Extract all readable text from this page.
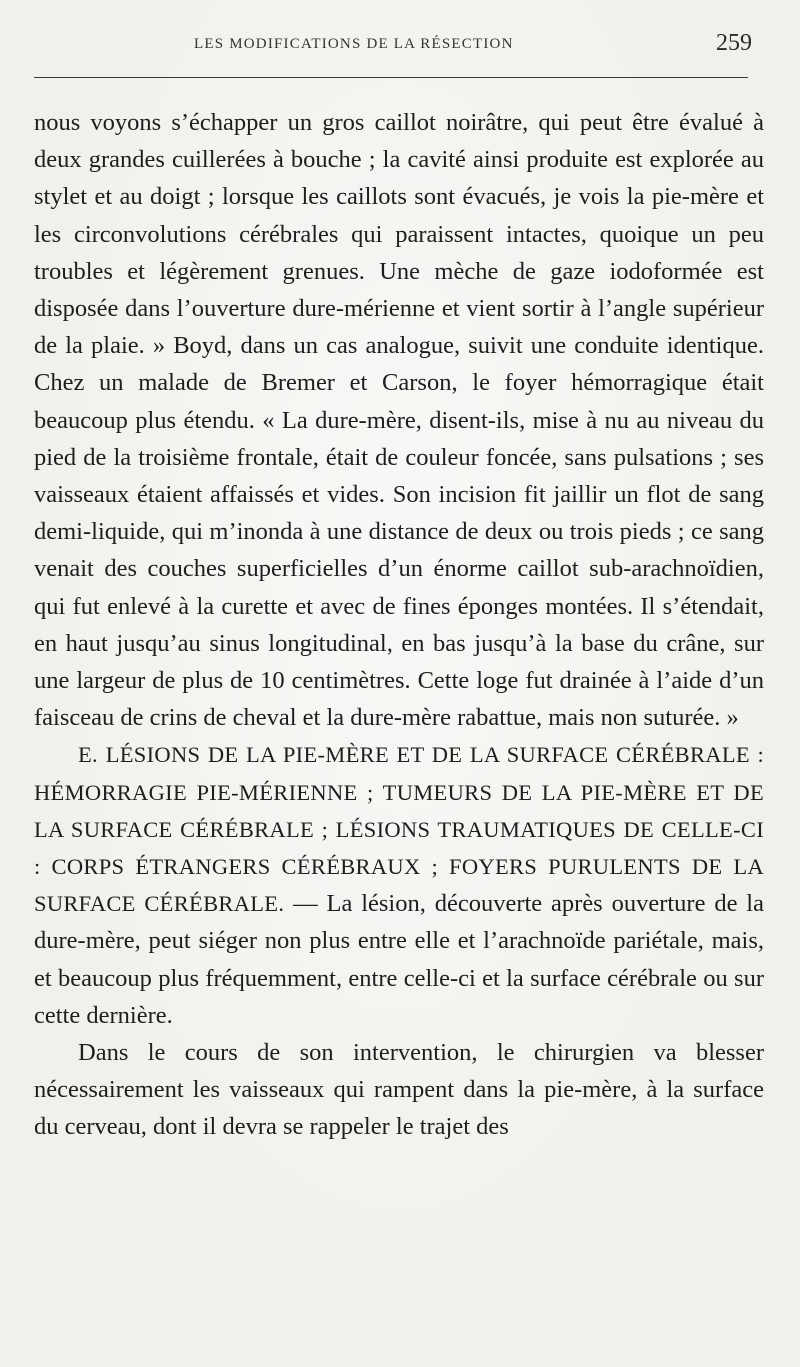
LES MODIFICATIONS DE LA RÉSECTION	259

nous voyons s’échapper un gros caillot noirâtre, qui peut être évalué à deux grandes cuillerées à bouche ; la cavité ainsi produite est explorée au stylet et au doigt ; lorsque les caillots sont évacués, je vois la pie-mère et les circonvolutions cérébrales qui paraissent intactes, quoique un peu troubles et légèrement grenues. Une mèche de gaze iodoformée est disposée dans l’ouverture dure-mérienne et vient sortir à l’angle supérieur de la plaie. » Boyd, dans un cas analogue, suivit une conduite identique. Chez un malade de Bremer et Carson, le foyer hémorragique était beaucoup plus étendu. « La dure-mère, disent-ils, mise à nu au niveau du pied de la troisième frontale, était de couleur foncée, sans pulsations ; ses vaisseaux étaient affaissés et vides. Son incision fit jaillir un flot de sang demi-liquide, qui m’inonda à une distance de deux ou trois pieds ; ce sang venait des couches superficielles d’un énorme caillot sub-arachnoïdien, qui fut enlevé à la curette et avec de fines éponges montées. Il s’étendait, en haut jusqu’au sinus longitudinal, en bas jusqu’à la base du crâne, sur une largeur de plus de 10 centimètres. Cette loge fut drainée à l’aide d’un faisceau de crins de cheval et la dure-mère rabattue, mais non suturée. »

E. LÉSIONS DE LA PIE-MÈRE ET DE LA SURFACE CÉRÉBRALE : HÉMORRAGIE PIE-MÉRIENNE ; TUMEURS DE LA PIE-MÈRE ET DE LA SURFACE CÉRÉBRALE ; LÉSIONS TRAUMATIQUES DE CELLE-CI : CORPS ÉTRANGERS CÉRÉBRAUX ; FOYERS PURULENTS DE LA SURFACE CÉRÉBRALE. — La lésion, découverte après ouverture de la dure-mère, peut siéger non plus entre elle et l’arachnoïde pariétale, mais, et beaucoup plus fréquemment, entre celle-ci et la surface cérébrale ou sur cette dernière.

Dans le cours de son intervention, le chirurgien va blesser nécessairement les vaisseaux qui rampent dans la pie-mère, à la surface du cerveau, dont il devra se rappeler le trajet des
